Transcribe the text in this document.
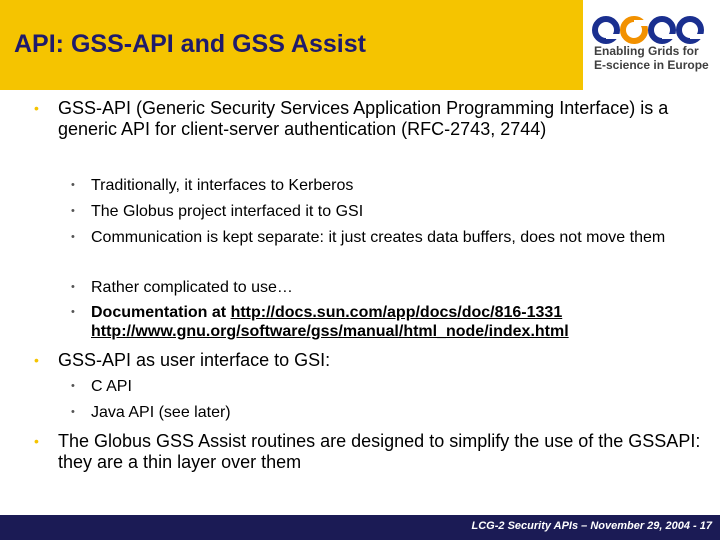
API: GSS-API and GSS Assist	Enabling Grids for
E-science in Europe
•	GSS-API (Generic Security Services Application Programming Interface) is a generic API for client-server authentication (RFC-2743, 2744)
•	Traditionally, it interfaces to Kerberos
•	The Globus project interfaced it to GSI
•	Communication is kept separate: it just creates data buffers, does not move them
•	Rather complicated to use…
•	Documentation at http://docs.sun.com/app/docs/doc/816-1331
http://www.gnu.org/software/gss/manual/html_node/index.html
•	GSS-API as user interface to GSI:
•	C API
•	Java API (see later)
•	The Globus GSS Assist routines are designed to simplify the use of the GSSAPI: they are a thin layer over them
LCG-2 Security APIs – November 29, 2004 - 17
